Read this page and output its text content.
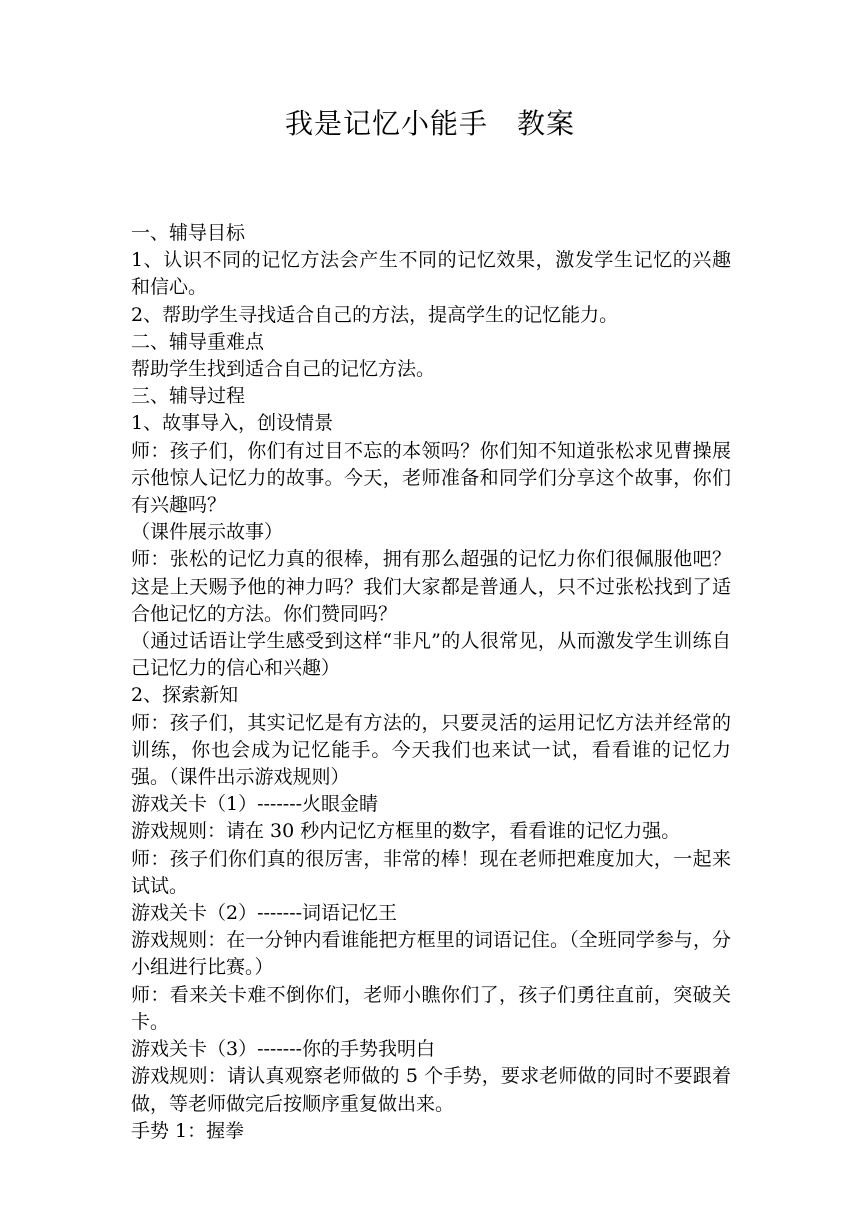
我是记忆小能手　教案

一、辅导目标

1、认识不同的记忆方法会产生不同的记忆效果，激发学生记忆的兴趣和信心。

2、帮助学生寻找适合自己的方法，提高学生的记忆能力。

二、辅导重难点

帮助学生找到适合自己的记忆方法。

三、辅导过程

1、故事导入，创设情景

师：孩子们，你们有过目不忘的本领吗？你们知不知道张松求见曹操展示他惊人记忆力的故事。今天，老师准备和同学们分享这个故事，你们有兴趣吗？

（课件展示故事）

师：张松的记忆力真的很棒，拥有那么超强的记忆力你们很佩服他吧？这是上天赐予他的神力吗？我们大家都是普通人，只不过张松找到了适合他记忆的方法。你们赞同吗？

（通过话语让学生感受到这样“非凡”的人很常见，从而激发学生训练自己记忆力的信心和兴趣）

2、探索新知

师：孩子们，其实记忆是有方法的，只要灵活的运用记忆方法并经常的训练，你也会成为记忆能手。今天我们也来试一试，看看谁的记忆力强。（课件出示游戏规则）

游戏关卡（1）-------火眼金睛

游戏规则：请在 30 秒内记忆方框里的数字，看看谁的记忆力强。

师：孩子们你们真的很厉害，非常的棒！现在老师把难度加大，一起来试试。

游戏关卡（2）-------词语记忆王

游戏规则：在一分钟内看谁能把方框里的词语记住。（全班同学参与，分小组进行比赛。）

师：看来关卡难不倒你们，老师小瞧你们了，孩子们勇往直前，突破关卡。

游戏关卡（3）-------你的手势我明白

游戏规则：请认真观察老师做的 5 个手势，要求老师做的同时不要跟着做，等老师做完后按顺序重复做出来。

手势 1：握拳
